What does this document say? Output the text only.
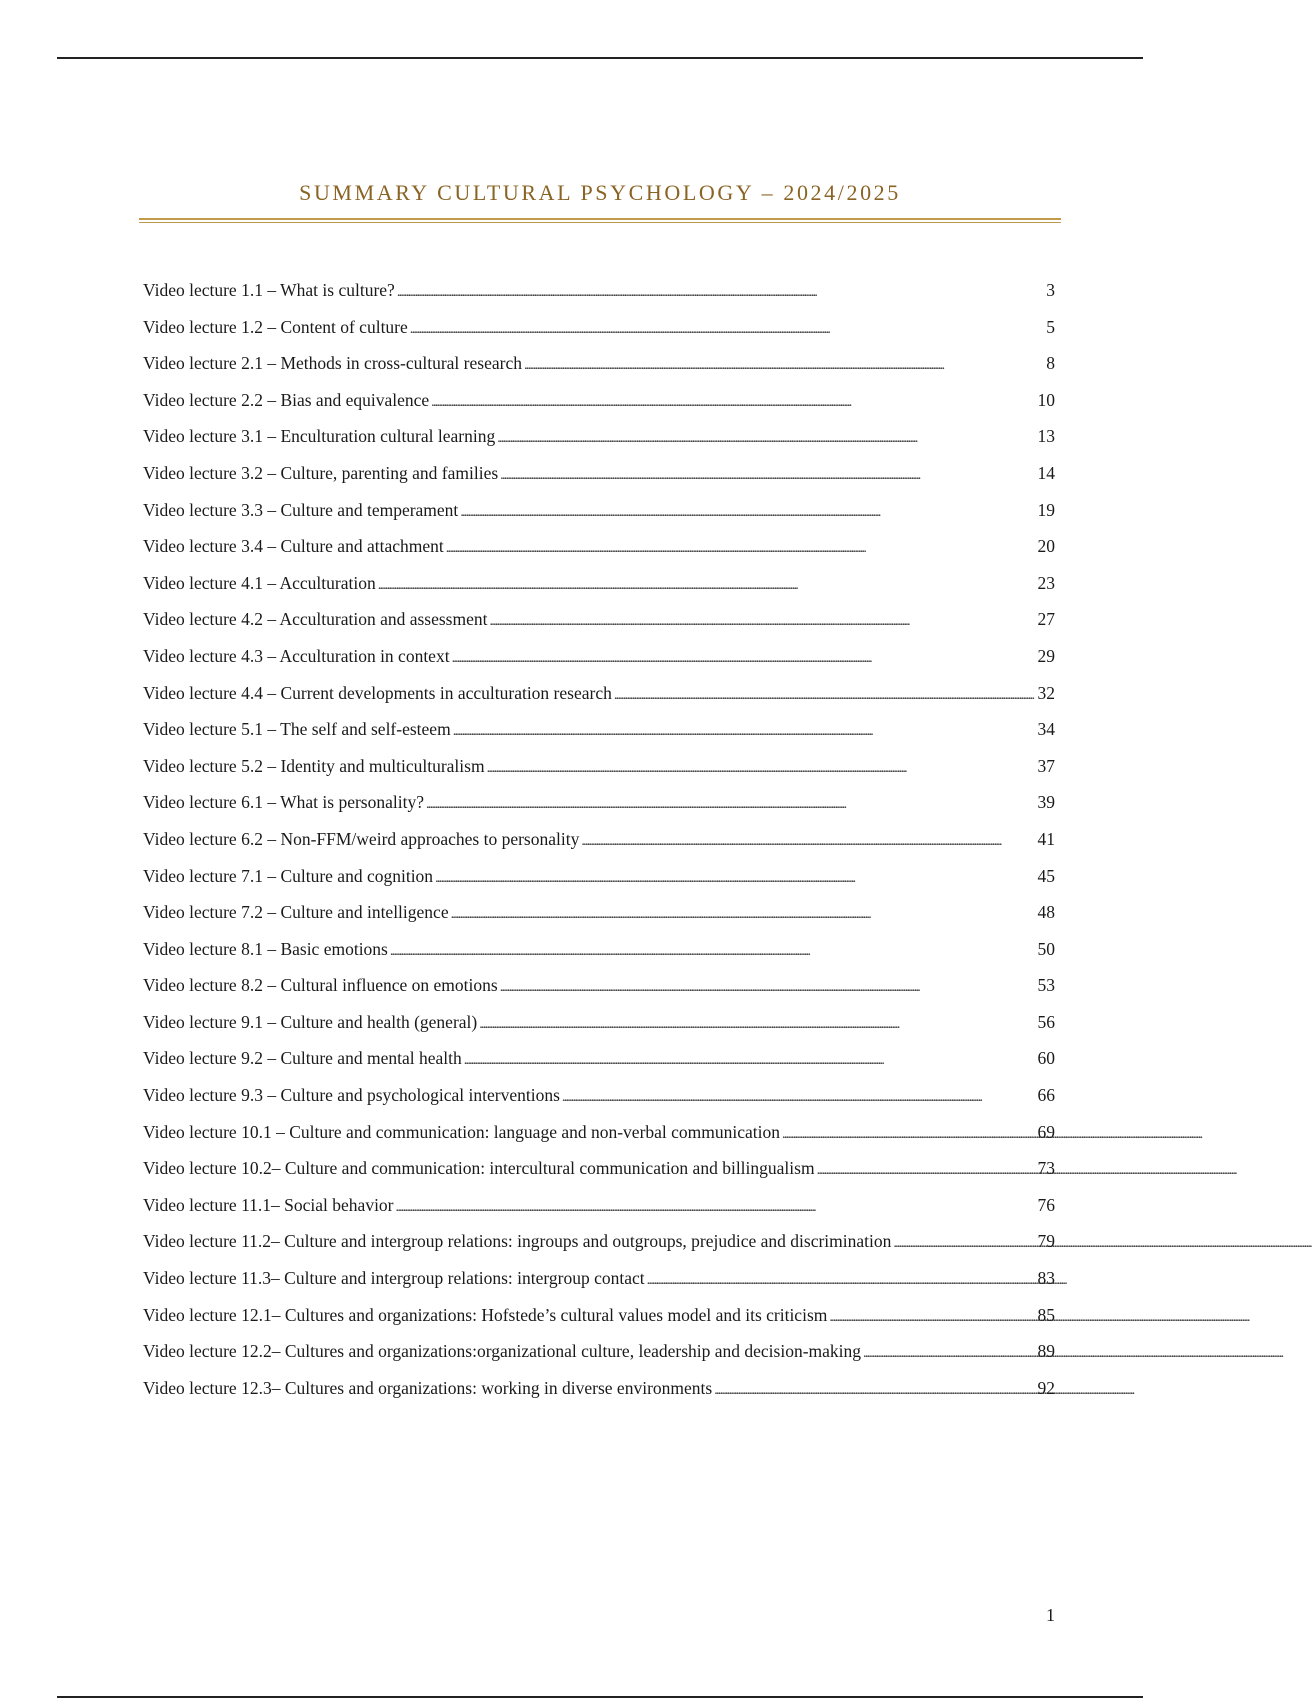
SUMMARY CULTURAL PSYCHOLOGY – 2024/2025
Video lecture 1.1 – What is culture? . . .	3
Video lecture 1.2 – Content of culture . . .	5
Video lecture 2.1 – Methods in cross-cultural research . . .	8
Video lecture 2.2 – Bias and equivalence . . .	10
Video lecture 3.1 – Enculturation cultural learning . . .	13
Video lecture 3.2 – Culture, parenting and families . . .	14
Video lecture 3.3 – Culture and temperament . . .	19
Video lecture 3.4 – Culture and attachment . . .	20
Video lecture 4.1 – Acculturation . . .	23
Video lecture 4.2 – Acculturation and assessment . . .	27
Video lecture 4.3 – Acculturation in context . . .	29
Video lecture 4.4 – Current developments in acculturation research . . .	32
Video lecture 5.1 – The self and self-esteem . . .	34
Video lecture 5.2 – Identity and multiculturalism . . .	37
Video lecture 6.1 – What is personality? . . .	39
Video lecture 6.2 – Non-FFM/weird approaches to personality . . .	41
Video lecture 7.1 – Culture and cognition . . .	45
Video lecture 7.2 – Culture and intelligence . . .	48
Video lecture 8.1 – Basic emotions . . .	50
Video lecture 8.2 – Cultural influence on emotions . . .	53
Video lecture 9.1 – Culture and health (general) . . .	56
Video lecture 9.2 – Culture and mental health . . .	60
Video lecture 9.3 – Culture and psychological interventions . . .	66
Video lecture 10.1 – Culture and communication: language and non-verbal communication . . .	69
Video lecture 10.2– Culture and communication: intercultural communication and billingualism . . .	73
Video lecture 11.1– Social behavior . . .	76
Video lecture 11.2– Culture and intergroup relations: ingroups and outgroups, prejudice and discrimination . . .	79
Video lecture 11.3– Culture and intergroup relations: intergroup contact . . .	83
Video lecture 12.1– Cultures and organizations: Hofstede’s cultural values model and its criticism . . .	85
Video lecture 12.2– Cultures and organizations:organizational culture, leadership and decision-making . . .	89
Video lecture 12.3– Cultures and organizations: working in diverse environments . . .	92
1
